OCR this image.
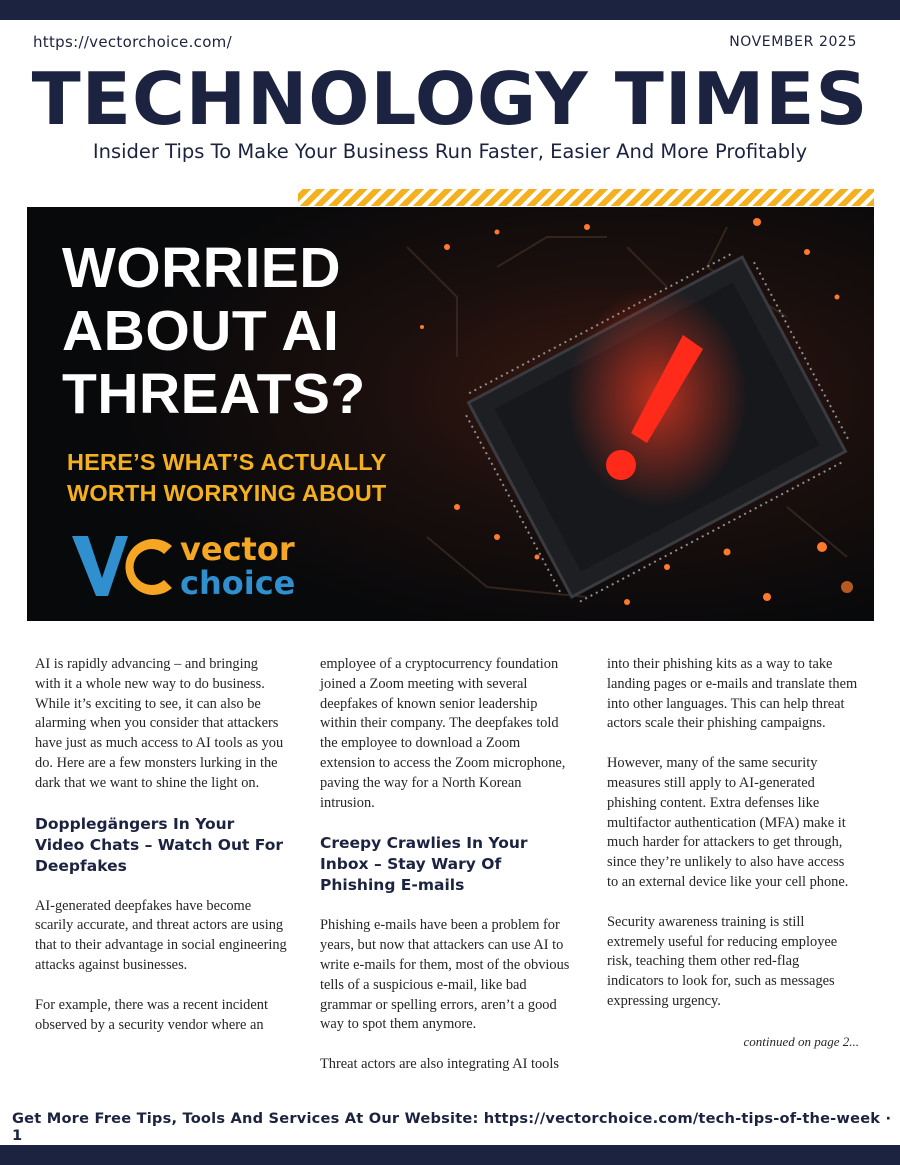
https://vectorchoice.com/	NOVEMBER 2025
TECHNOLOGY TIMES
Insider Tips To Make Your Business Run Faster, Easier And More Profitably
WORRIED
ABOUT AI
THREATS?
HERE’S WHAT’S ACTUALLY
WORTH WORRYING ABOUT
vector
choice

AI is rapidly advancing – and bringing with it a whole new way to do business. While it’s exciting to see, it can also be alarming when you consider that attackers have just as much access to AI tools as you do. Here are a few monsters lurking in the dark that we want to shine the light on.

Dopplegängers In Your Video Chats – Watch Out For Deepfakes

AI-generated deepfakes have become scarily accurate, and threat actors are using that to their advantage in social engineering attacks against businesses.

For example, there was a recent incident observed by a security vendor where an

employee of a cryptocurrency foundation joined a Zoom meeting with several deepfakes of known senior leadership within their company. The deepfakes told the employee to download a Zoom extension to access the Zoom microphone, paving the way for a North Korean intrusion.

Creepy Crawlies In Your Inbox – Stay Wary Of Phishing E-mails

Phishing e-mails have been a problem for years, but now that attackers can use AI to write e-mails for them, most of the obvious tells of a suspicious e-mail, like bad grammar or spelling errors, aren’t a good way to spot them anymore.

Threat actors are also integrating AI tools

into their phishing kits as a way to take landing pages or e-mails and translate them into other languages. This can help threat actors scale their phishing campaigns.

However, many of the same security measures still apply to AI-generated phishing content. Extra defenses like multifactor authentication (MFA) make it much harder for attackers to get through, since they’re unlikely to also have access to an external device like your cell phone.

Security awareness training is still extremely useful for reducing employee risk, teaching them other red-flag indicators to look for, such as messages expressing urgency.

continued on page 2...
Get More Free Tips, Tools And Services At Our Website: https://vectorchoice.com/tech-tips-of-the-week · 1
